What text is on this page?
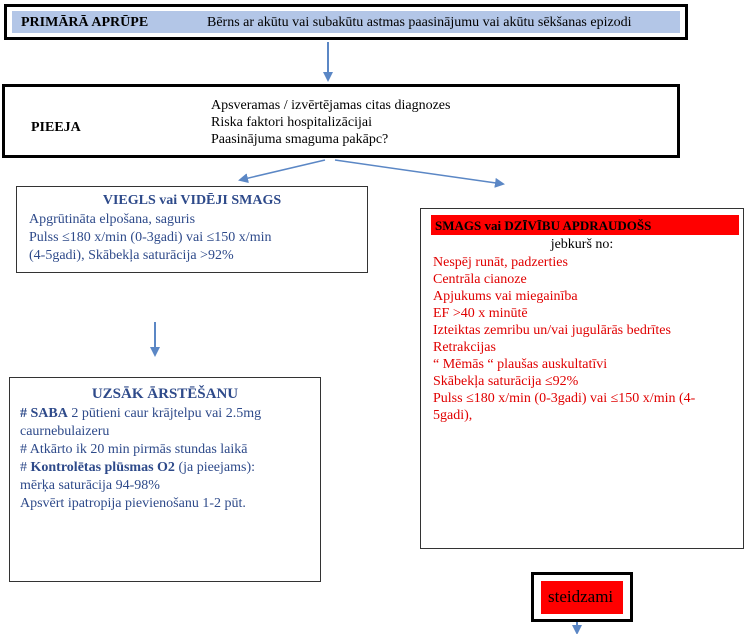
PRIMĀRĀ APRŪPE	Bērns ar akūtu vai subakūtu astmas paasinājumu vai akūtu sēkšanas epizodi
PIEEJA
Apsveramas / izvērtējamas citas diagnozes
Riska faktori hospitalizācijai
Paasinājuma smaguma pakāpc?
VIEGLS vai VIDĒJI SMAGS
Apgrūtināta elpošana, saguris
Pulss ≤180 x/min (0-3gadi) vai ≤150 x/min
(4-5gadi), Skābekļa saturācija >92%
UZSĀK ĀRSTĒŠANU
# SABA 2 pūtieni caur krājtelpu vai 2.5mg
caurnebulaizeru
# Atkārto ik 20 min pirmās stundas laikā
# Kontrolētas plūsmas O2 (ja pieejams):
mērķa saturācija 94-98%
Apsvērt ipatropija pievienošanu 1-2 pūt.
SMAGS vai DZĪVĪBU APDRAUDOŠS
jebkurš no:
Nespēj runāt, padzerties
Centrāla cianoze
Apjukums vai miegainība
EF >40 x minūtē
Izteiktas zemribu un/vai jugulārās bedrītes
Retrakcijas
“ Mēmās “ plaušas auskultatīvi
Skābekļa saturācija ≤92%
Pulss ≤180 x/min (0-3gadi) vai ≤150 x/min (4-
5gadi),
steidzami
